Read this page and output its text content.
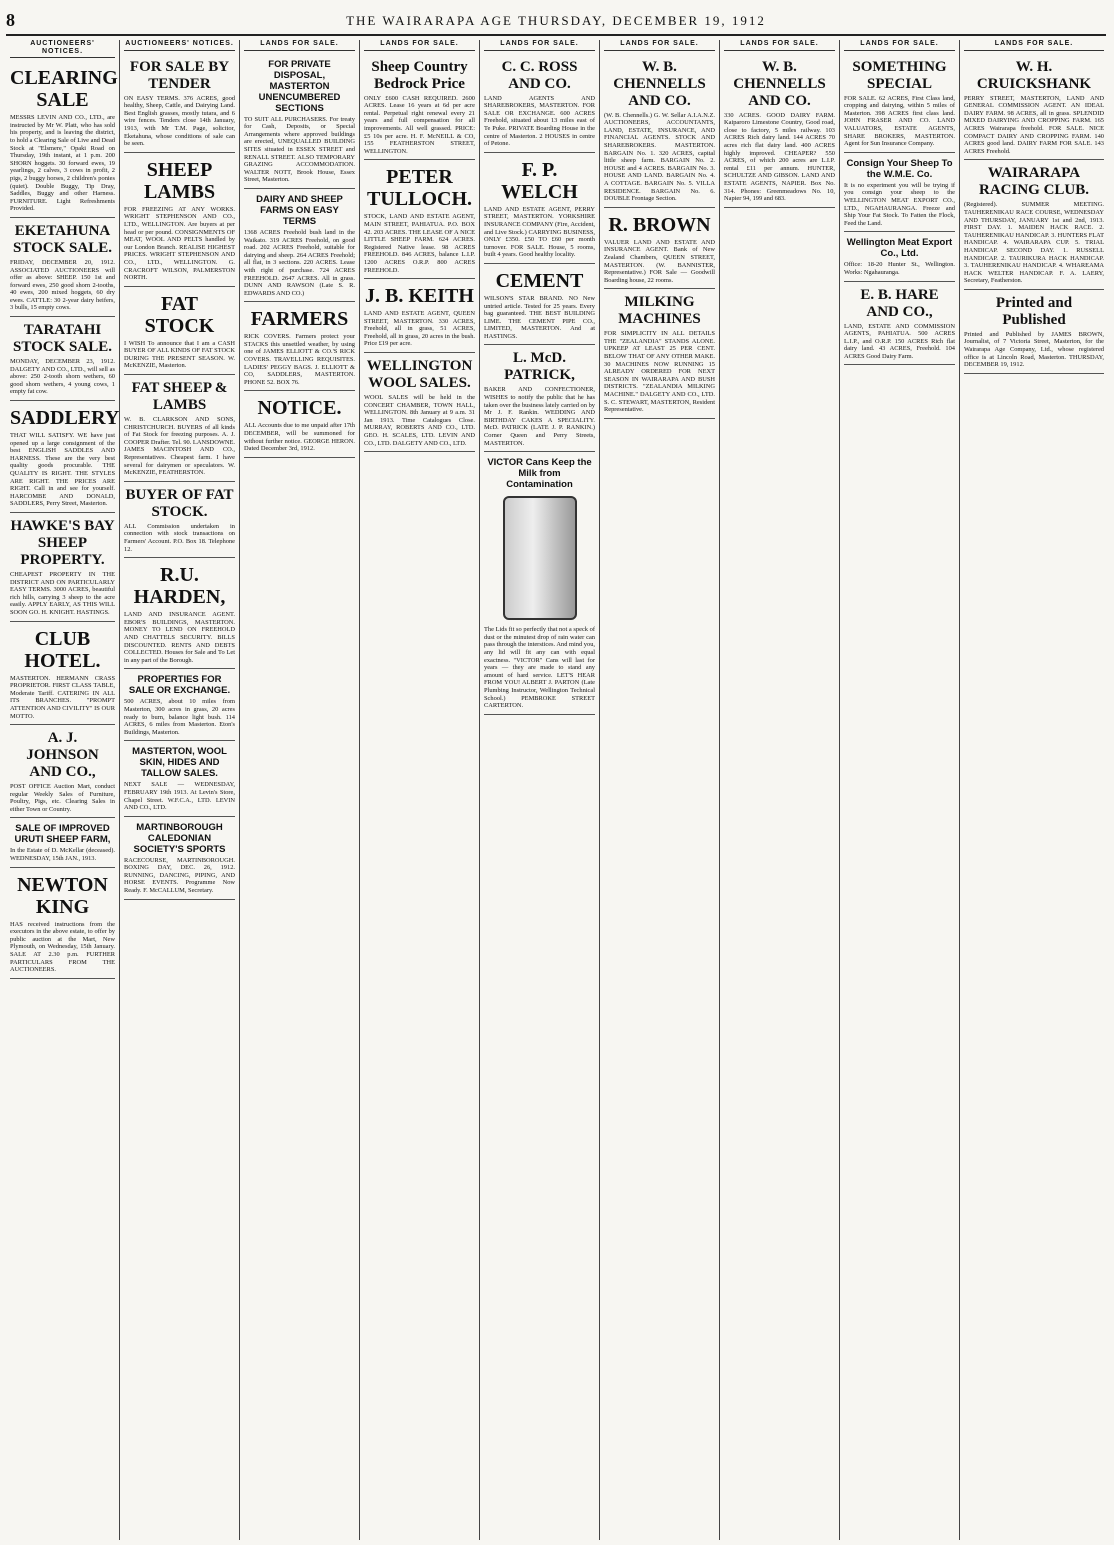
8	THE WAIRARAPA AGE THURSDAY, DECEMBER 19, 1912
AUCTIONEERS' NOTICES.
CLEARING SALE

MESSRS LEVIN AND CO., LTD., are instructed by Mr W. Platt, who has sold his property, and is leaving the district, to hold a Clearing Sale of Live and Dead Stock at "Elsmere," Opaki Road on Thursday, 19th instant, at 1 p.m. 200 SHORN hoggets. 30 forward ewes, 19 yearlings, 2 calves, 3 cows in profit, 2 pigs, 2 buggy horses, 2 children's ponies (quiet). Double Buggy, Tip Dray, Saddles, Buggy and other Harness. FURNITURE. Light Refreshments Provided.

EKETAHUNA STOCK SALE.

FRIDAY, DECEMBER 20, 1912. ASSOCIATED AUCTIONEERS will offer as above: SHEEP. 150 1st and forward ewes, 250 good shorn 2-tooths, 40 ewes, 200 mixed hoggets, 60 dry ewes. CATTLE: 30 2-year dairy heifers, 3 bulls, 15 empty cows.

TARATAHI STOCK SALE.

MONDAY, DECEMBER 23, 1912. DALGETY AND CO., LTD., will sell as above: 250 2-tooth shorn wethers, 60 good shorn wethers, 4 young cows, 1 empty fat cow.

SADDLERY

THAT WILL SATISFY. WE have just opened up a large consignment of the best ENGLISH SADDLES AND HARNESS. These are the very best quality goods procurable. THE QUALITY IS RIGHT. THE STYLES ARE RIGHT. THE PRICES ARE RIGHT. Call in and see for yourself. HARCOMBE AND DONALD, SADDLERS, Perry Street, Masterton.

HAWKE'S BAY SHEEP PROPERTY.

CHEAPEST PROPERTY IN THE DISTRICT AND ON PARTICULARLY EASY TERMS. 3000 ACRES, beautiful rich hills, carrying 3 sheep to the acre easily. APPLY EARLY, AS THIS WILL SOON GO. H. KNIGHT. HASTINGS.

CLUB HOTEL.

MASTERTON. HERMANN CRASS PROPRIETOR. FIRST CLASS TABLE, Moderate Tariff. CATERING IN ALL ITS BRANCHES. "PROMPT ATTENTION AND CIVILITY" IS OUR MOTTO.

A. J. JOHNSON AND CO.,

POST OFFICE Auction Mart, conduct regular Weekly Sales of Furniture, Poultry, Pigs, etc. Clearing Sales in either Town or Country.

SALE OF IMPROVED URUTI SHEEP FARM,

In the Estate of D. McKellar (deceased). WEDNESDAY, 15th JAN., 1913.

NEWTON KING

HAS received instructions from the executors in the above estate, to offer by public auction at the Mart, New Plymouth, on Wednesday, 15th January. SALE AT 2.30 p.m. FURTHER PARTICULARS FROM THE AUCTIONEERS.

AUCTIONEERS' NOTICES.
FOR SALE BY TENDER

ON EASY TERMS. 376 ACRES, good healthy, Sheep, Cattle, and Dairying Land. Best English grasses, mostly tutara, and 6 wire fences. Tenders close 14th January, 1913, with Mr T.M. Page, solicitor, Eketahuna, whose conditions of sale can be seen.

SHEEP LAMBS

FOR FREEZING AT ANY WORKS. WRIGHT STEPHENSON AND CO., LTD., WELLINGTON. Are buyers at per head or per pound. CONSIGNMENTS OF MEAT, WOOL AND PELTS handled by our London Branch. REALISE HIGHEST PRICES. WRIGHT STEPHENSON AND CO., LTD., WELLINGTON. G. CRACROFT WILSON, PALMERSTON NORTH.

FAT STOCK

I WISH To announce that I am a CASH BUYER OF ALL KINDS OF FAT STOCK DURING THE PRESENT SEASON. W. McKENZIE, Masterton.

FAT SHEEP & LAMBS

W. B. CLARKSON AND SONS, CHRISTCHURCH. BUYERS of all kinds of Fat Stock for freezing purposes. A. J. COOPER Drafter. Tel. 90. LANSDOWNE. JAMES MACINTOSH AND CO., Representatives. Cheapest farm. I have several for dairymen or speculators. W. McKENZIE, FEATHERSTON.

BUYER OF FAT STOCK.

ALL Commission undertaken in connection with stock transactions on Farmers' Account. P.O. Box 18. Telephone 12.

R.U. HARDEN,

LAND AND INSURANCE AGENT. EBOR'S BUILDINGS, MASTERTON. MONEY TO LEND ON FREEHOLD AND CHATTELS SECURITY. BILLS DISCOUNTED. RENTS AND DEBTS COLLECTED. Houses for Sale and To Let in any part of the Borough.

PROPERTIES FOR SALE OR EXCHANGE.

500 ACRES, about 10 miles from Masterton, 300 acres in grass, 20 acres ready to burn, balance light bush. 114 ACRES, 6 miles from Masterton. Eton's Buildings, Masterton.

MASTERTON, WOOL SKIN, HIDES AND TALLOW SALES.

NEXT SALE — WEDNESDAY, FEBRUARY 19th 1913. At Levin's Store, Chapel Street. W.F.C.A., LTD. LEVIN AND CO., LTD.

MARTINBOROUGH CALEDONIAN SOCIETY'S SPORTS

RACECOURSE, MARTINBOROUGH. BOXING DAY, DEC. 26, 1912. RUNNING, DANCING, PIPING, AND HORSE EVENTS. Programme Now Ready. F. McCALLUM, Secretary.

LANDS FOR SALE.
FOR PRIVATE DISPOSAL, MASTERTON UNENCUMBERED SECTIONS

TO SUIT ALL PURCHASERS. For treaty for Cash, Deposits, or Special Arrangements where approved buildings are erected, UNEQUALLED BUILDING SITES situated in ESSEX STREET and RENALL STREET. ALSO TEMPORARY GRAZING ACCOMMODATION. WALTER NOTT, Brook House, Essex Street, Masterton.

DAIRY AND SHEEP FARMS ON EASY TERMS

1368 ACRES Freehold bush land in the Waikato. 319 ACRES Freehold, on good road. 202 ACRES Freehold, suitable for dairying and sheep. 264 ACRES Freehold; all flat, in 3 sections. 220 ACRES. Lease with right of purchase. 724 ACRES FREEHOLD. 2647 ACRES. All in grass. DUNN AND RAWSON (Late S. R. EDWARDS AND CO.)

FARMERS

RICK COVERS. Farmers protect your STACKS this unsettled weather, by using one of JAMES ELLIOTT & CO.'S RICK COVERS. TRAVELLING REQUISITES. LADIES' PEGGY BAGS. J. ELLIOTT & CO, SADDLERS, MASTERTON. PHONE 52. BOX 76.

NOTICE.

ALL Accounts due to me unpaid after 17th DECEMBER, will be summoned for without further notice. GEORGE HERON. Dated December 3rd, 1912.

LANDS FOR SALE.
Sheep Country Bedrock Price

ONLY £600 CASH REQUIRED. 2600 ACRES. Lease 16 years at 6d per acre rental. Perpetual right renewal every 21 years and full compensation for all improvements. All well grassed. PRICE: £5 10s per acre. H. F. McNEILL & CO, 155 FEATHERSTON STREET, WELLINGTON.

PETER TULLOCH.

STOCK, LAND AND ESTATE AGENT, MAIN STREET, PAHIATUA. P.O. BOX 42. 203 ACRES. THE LEASE OF A NICE LITTLE SHEEP FARM. 624 ACRES. Registered Native lease. 98 ACRES FREEHOLD. 846 ACRES, balance L.I.P. 1200 ACRES O.R.P. 800 ACRES FREEHOLD.

J. B. KEITH

LAND AND ESTATE AGENT, QUEEN STREET, MASTERTON. 330 ACRES, Freehold, all in grass, 51 ACRES, Freehold, all in grass, 20 acres in the bush. Price £19 per acre.

WELLINGTON WOOL SALES.

WOOL SALES will be held in the CONCERT CHAMBER, TOWN HALL, WELLINGTON. 8th January at 9 a.m. 31 Jan 1913. Time Catalogues Close. MURRAY, ROBERTS AND CO., LTD. GEO. H. SCALES, LTD. LEVIN AND CO., LTD. DALGETY AND CO., LTD.

LANDS FOR SALE.
C. C. ROSS AND CO.

LAND AGENTS AND SHAREBROKERS, MASTERTON. FOR SALE OR EXCHANGE. 600 ACRES Freehold, situated about 13 miles east of Te Puke. PRIVATE Boarding House in the centre of Masterton. 2 HOUSES in centre of Petone.

F. P. WELCH

LAND AND ESTATE AGENT, PERRY STREET, MASTERTON. YORKSHIRE INSURANCE COMPANY (Fire, Accident, and Live Stock.) CARRYING BUSINESS, ONLY £350. £50 TO £60 per month turnover. FOR SALE. House, 5 rooms, built 4 years. Good healthy locality.

CEMENT

WILSON'S STAR BRAND. NO New untried article. Tested for 25 years. Every bag guaranteed. THE BEST BUILDING LIME. THE CEMENT PIPE CO., LIMITED, MASTERTON. And at HASTINGS.

L. McD. PATRICK,

BAKER AND CONFECTIONER, WISHES to notify the public that he has taken over the business lately carried on by Mr J. F. Rankin. WEDDING AND BIRTHDAY CAKES A SPECIALITY. McD. PATRICK (LATE J. P. RANKIN.) Corner Queen and Perry Streets, MASTERTON.

VICTOR Cans Keep the Milk from Contamination

The Lids fit so perfectly that not a speck of dust or the minutest drop of rain water can pass through the interstices. And mind you, any lid will fit any can with equal exactness. "VICTOR" Cans will last for years — they are made to stand any amount of hard service. LET'S HEAR FROM YOU! ALBERT J. PARTON (Late Plumbing Instructor, Wellington Technical School.) PEMBROKE STREET CARTERTON.

LANDS FOR SALE.
W. B. CHENNELLS AND CO.

(W. B. Chennells.) G. W. Sellar A.I.A.N.Z. AUCTIONEERS, ACCOUNTANTS, LAND, ESTATE, INSURANCE, AND FINANCIAL AGENTS. STOCK AND SHAREBROKERS. MASTERTON. BARGAIN No. 1. 320 ACRES, capital little sheep farm. BARGAIN No. 2. HOUSE and 4 ACRES. BARGAIN No. 3. HOUSE AND LAND. BARGAIN No. 4. A COTTAGE. BARGAIN No. 5. VILLA RESIDENCE. BARGAIN No. 6. DOUBLE Frontage Section.

R. BROWN

VALUER LAND AND ESTATE AND INSURANCE AGENT. Bank of New Zealand Chambers, QUEEN STREET, MASTERTON. (W. BANNISTER, Representative.) FOR Sale — Goodwill Boarding house, 22 rooms.

MILKING MACHINES

FOR SIMPLICITY IN ALL DETAILS THE "ZEALANDIA" STANDS ALONE. UPKEEP AT LEAST 25 PER CENT. BELOW THAT OF ANY OTHER MAKE. 30 MACHINES NOW RUNNING 15 ALREADY ORDERED FOR NEXT SEASON IN WAIRARAPA AND BUSH DISTRICTS. "ZEALANDIA MILKING MACHINE." DALGETY AND CO., LTD. S. C. STEWART, MASTERTON, Resident Representative.

LANDS FOR SALE.
W. B. CHENNELLS AND CO.

330 ACRES. GOOD DAIRY FARM. Kaiparoro Limestone Country, Good road, close to factory, 5 miles railway. 103 ACRES Rich dairy land. 144 ACRES 70 acres rich flat dairy land. 400 ACRES highly improved. CHEAPER? 550 ACRES, of which 200 acres are L.I.P. rental £11 per annum. HUNTER, SCHULTZE AND GIBSON. LAND AND ESTATE AGENTS, NAPIER. Box No. 314. Phones: Greenmeadows No. 10, Napier 94, 199 and 683.

LANDS FOR SALE.
SOMETHING SPECIAL

FOR SALE. 62 ACRES, First Class land, cropping and dairying, within 5 miles of Masterton. 398 ACRES first class land. JOHN FRASER AND CO. LAND VALUATORS, ESTATE AGENTS, SHARE BROKERS, MASTERTON. Agent for Sun Insurance Company.

Consign Your Sheep To the W.M.E. Co.

It is no experiment you will be trying if you consign your sheep to the WELLINGTON MEAT EXPORT CO., LTD., NGAHAURANGA. Freeze and Ship Your Fat Stock. To Fatten the Flock, Feed the Land.

Wellington Meat Export Co., Ltd.

Office: 18-20 Hunter St., Wellington. Works: Ngahauranga.

E. B. HARE AND CO.,

LAND, ESTATE AND COMMISSION AGENTS, PAHIATUA. 500 ACRES L.I.P., and O.R.P. 150 ACRES Rich flat dairy land. 43 ACRES, Freehold. 104 ACRES Good Dairy Farm.

LANDS FOR SALE.
W. H. CRUICKSHANK

PERRY STREET, MASTERTON, LAND AND GENERAL COMMISSION AGENT. AN IDEAL DAIRY FARM. 98 ACRES, all in grass. SPLENDID MIXED DAIRYING AND CROPPING FARM. 165 ACRES Wairarapa freehold. FOR SALE. NICE COMPACT DAIRY AND CROPPING FARM. 140 ACRES good land. DAIRY FARM FOR SALE. 143 ACRES Freehold.

WAIRARAPA RACING CLUB.

(Registered). SUMMER MEETING. TAUHERENIKAU RACE COURSE, WEDNESDAY AND THURSDAY, JANUARY 1st and 2nd, 1913. FIRST DAY. 1. MAIDEN HACK RACE. 2. TAUHERENIKAU HANDICAP. 3. HUNTERS FLAT HANDICAP. 4. WAIRARAPA CUP. 5. TRIAL HANDICAP. SECOND DAY. 1. RUSSELL HANDICAP. 2. TAURIKURA HACK HANDICAP. 3. TAUHERENIKAU HANDICAP. 4. WHAREAMA HACK WELTER HANDICAP. F. A. LAERY, Secretary, Featherston.

Printed and Published

Printed and Published by JAMES BROWN, Journalist, of 7 Victoria Street, Masterton, for the Wairarapa Age Company, Ltd., whose registered office is at Lincoln Road, Masterton. THURSDAY, DECEMBER 19, 1912.
